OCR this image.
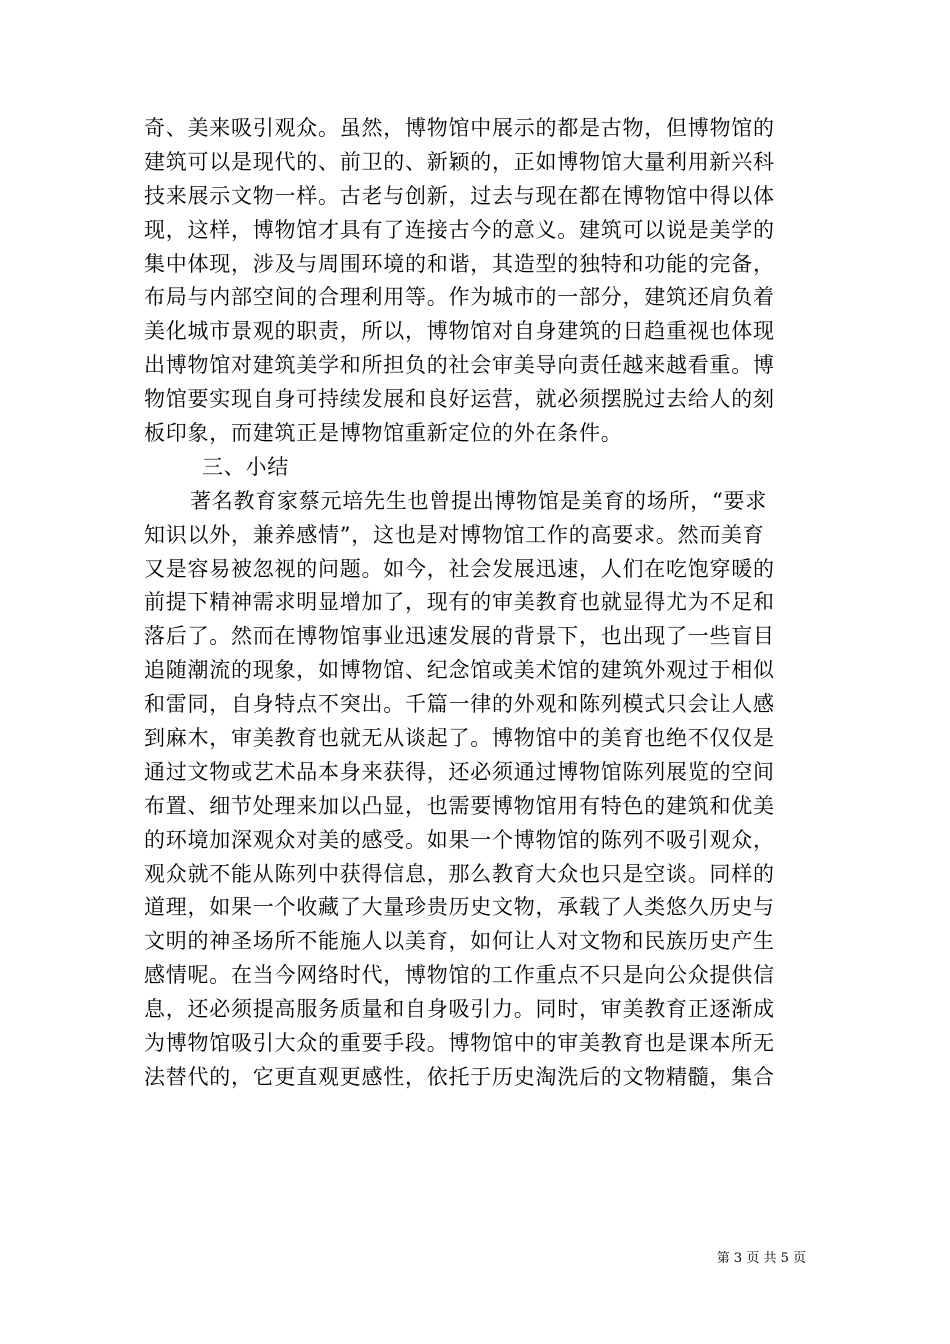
奇、美来吸引观众。虽然，博物馆中展示的都是古物，但博物馆的
建筑可以是现代的、前卫的、新颖的，正如博物馆大量利用新兴科
技来展示文物一样。古老与创新，过去与现在都在博物馆中得以体
现，这样，博物馆才具有了连接古今的意义。建筑可以说是美学的
集中体现，涉及与周围环境的和谐，其造型的独特和功能的完备，
布局与内部空间的合理利用等。作为城市的一部分，建筑还肩负着
美化城市景观的职责，所以，博物馆对自身建筑的日趋重视也体现
出博物馆对建筑美学和所担负的社会审美导向责任越来越看重。博
物馆要实现自身可持续发展和良好运营，就必须摆脱过去给人的刻
板印象，而建筑正是博物馆重新定位的外在条件。
三、小结
著名教育家蔡元培先生也曾提出博物馆是美育的场所，“要求
知识以外，兼养感情”，这也是对博物馆工作的高要求。然而美育
又是容易被忽视的问题。如今，社会发展迅速，人们在吃饱穿暖的
前提下精神需求明显增加了，现有的审美教育也就显得尤为不足和
落后了。然而在博物馆事业迅速发展的背景下，也出现了一些盲目
追随潮流的现象，如博物馆、纪念馆或美术馆的建筑外观过于相似
和雷同，自身特点不突出。千篇一律的外观和陈列模式只会让人感
到麻木，审美教育也就无从谈起了。博物馆中的美育也绝不仅仅是
通过文物或艺术品本身来获得，还必须通过博物馆陈列展览的空间
布置、细节处理来加以凸显，也需要博物馆用有特色的建筑和优美
的环境加深观众对美的感受。如果一个博物馆的陈列不吸引观众，
观众就不能从陈列中获得信息，那么教育大众也只是空谈。同样的
道理，如果一个收藏了大量珍贵历史文物，承载了人类悠久历史与
文明的神圣场所不能施人以美育，如何让人对文物和民族历史产生
感情呢。在当今网络时代，博物馆的工作重点不只是向公众提供信
息，还必须提高服务质量和自身吸引力。同时，审美教育正逐渐成
为博物馆吸引大众的重要手段。博物馆中的审美教育也是课本所无
法替代的，它更直观更感性，依托于历史淘洗后的文物精髓，集合
第 3 页 共 5 页
